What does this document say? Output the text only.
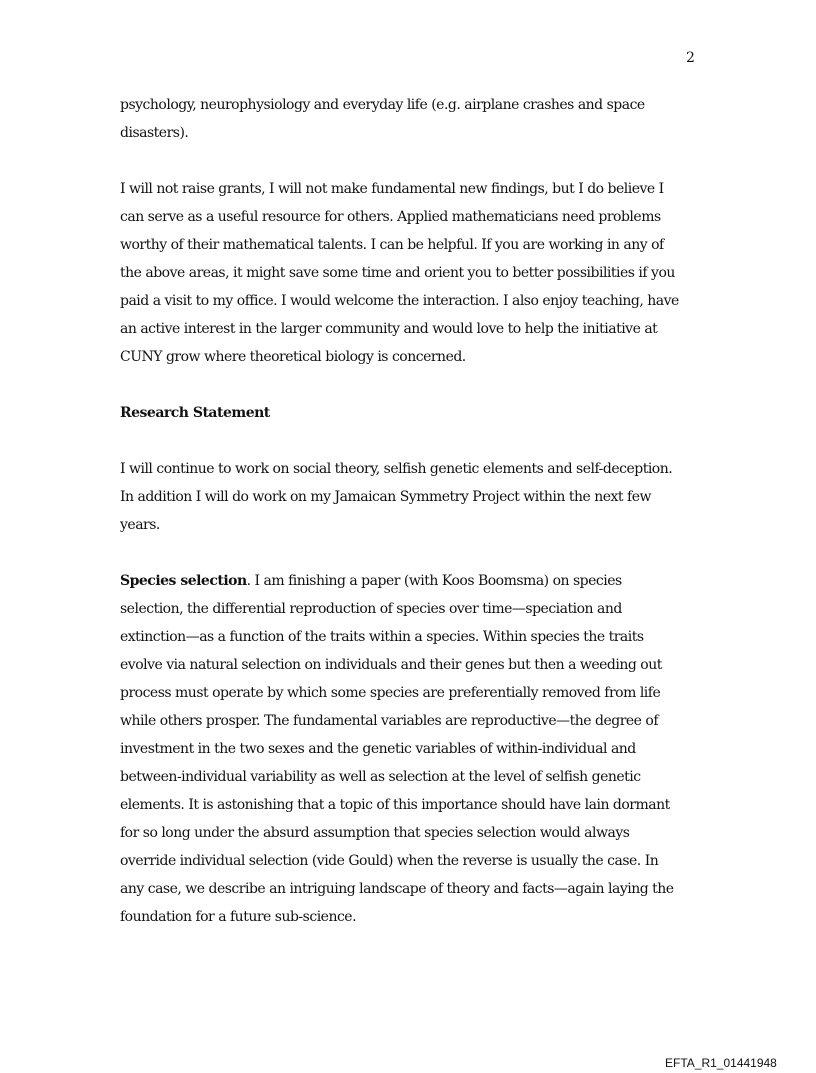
2
psychology, neurophysiology and everyday life (e.g. airplane crashes and space
disasters).
I will not raise grants, I will not make fundamental new findings, but I do believe I
can serve as a useful resource for others. Applied mathematicians need problems
worthy of their mathematical talents. I can be helpful. If you are working in any of
the above areas, it might save some time and orient you to better possibilities if you
paid a visit to my office. I would welcome the interaction. I also enjoy teaching, have
an active interest in the larger community and would love to help the initiative at
CUNY grow where theoretical biology is concerned.
Research Statement
I will continue to work on social theory, selfish genetic elements and self-deception.
In addition I will do work on my Jamaican Symmetry Project within the next few
years.
Species selection. I am finishing a paper (with Koos Boomsma) on species
selection, the differential reproduction of species over time—speciation and
extinction—as a function of the traits within a species. Within species the traits
evolve via natural selection on individuals and their genes but then a weeding out
process must operate by which some species are preferentially removed from life
while others prosper. The fundamental variables are reproductive—the degree of
investment in the two sexes and the genetic variables of within-individual and
between-individual variability as well as selection at the level of selfish genetic
elements. It is astonishing that a topic of this importance should have lain dormant
for so long under the absurd assumption that species selection would always
override individual selection (vide Gould) when the reverse is usually the case. In
any case, we describe an intriguing landscape of theory and facts—again laying the
foundation for a future sub-science.
EFTA_R1_01441948
